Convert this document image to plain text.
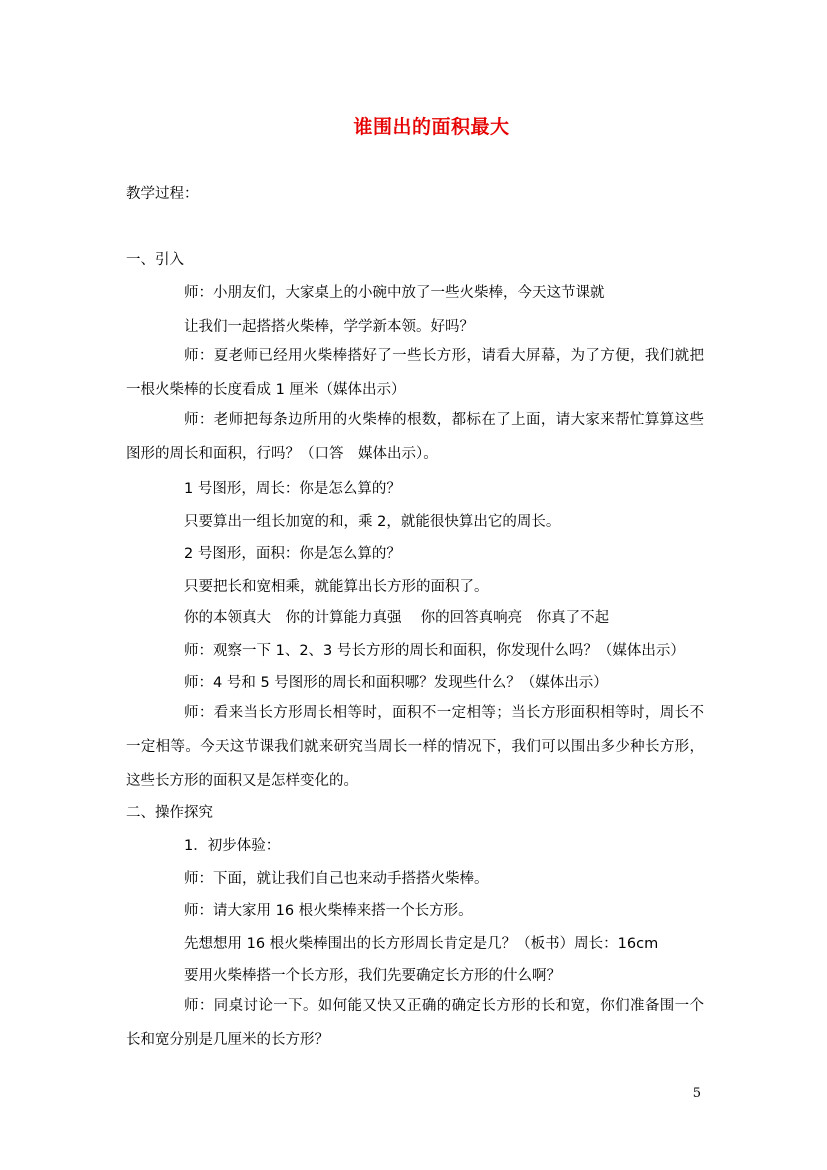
谁围出的面积最大
教学过程：
一、引入
师：小朋友们，大家桌上的小碗中放了一些火柴棒，今天这节课就
让我们一起搭搭火柴棒，学学新本领。好吗？

师：夏老师已经用火柴棒搭好了一些长方形，请看大屏幕，为了方便，我们就把一根火柴棒的长度看成 1 厘米（媒体出示）

师：老师把每条边所用的火柴棒的根数，都标在了上面，请大家来帮忙算算这些图形的周长和面积，行吗？（口答　媒体出示）。

1 号图形，周长：你是怎么算的？
只要算出一组长加宽的和，乘 2，就能很快算出它的周长。
2 号图形，面积：你是怎么算的？
只要把长和宽相乘，就能算出长方形的面积了。
你的本领真大　你的计算能力真强　 你的回答真响亮　你真了不起
师：观察一下 1、2、3 号长方形的周长和面积，你发现什么吗？（媒体出示）
师：4 号和 5 号图形的周长和面积哪？发现些什么？（媒体出示）

师：看来当长方形周长相等时，面积不一定相等；当长方形面积相等时，周长不一定相等。今天这节课我们就来研究当周长一样的情况下，我们可以围出多少种长方形，这些长方形的面积又是怎样变化的。

二、操作探究
1．初步体验：
师：下面，就让我们自己也来动手搭搭火柴棒。
师：请大家用 16 根火柴棒来搭一个长方形。
先想想用 16 根火柴棒围出的长方形周长肯定是几？（板书）周长：16cm
要用火柴棒搭一个长方形，我们先要确定长方形的什么啊？

师：同桌讨论一下。如何能又快又正确的确定长方形的长和宽，你们准备围一个长和宽分别是几厘米的长方形？

5
